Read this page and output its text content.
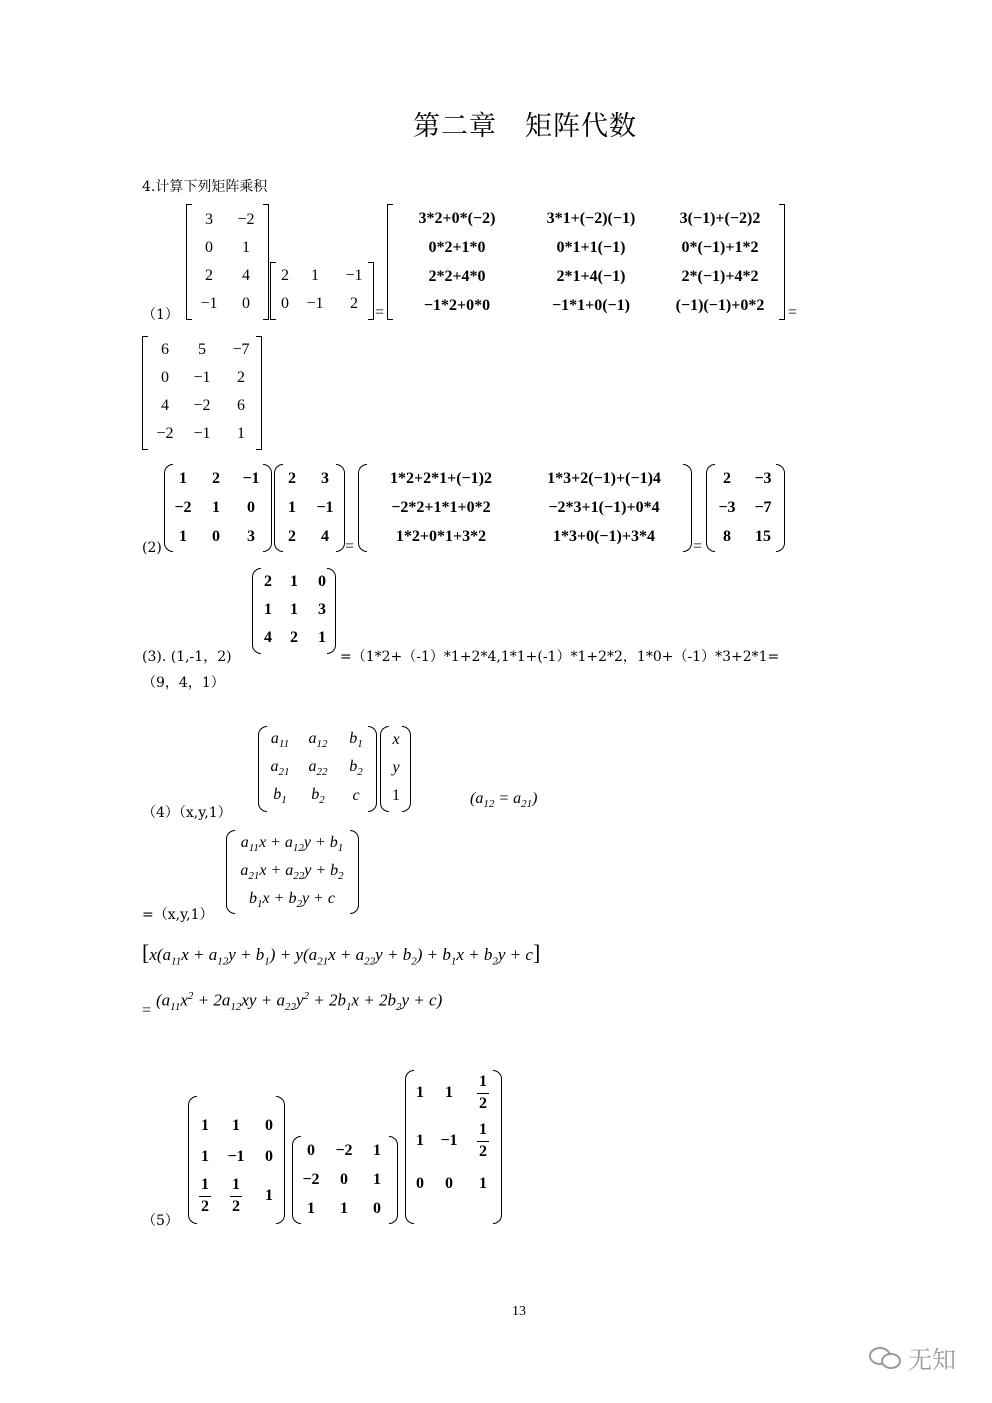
第二章　矩阵代数
4.计算下列矩阵乘积
（1）
3 −2
0 1
2 4
−1 0
2 1 −1
0 −1 2
=
3*2+0*(−2)	3*1+(−2)(−1)	3(−1)+(−2)2
0*2+1*0	0*1+1(−1)	0*(−1)+1*2
2*2+4*0	2*1+4(−1)	2*(−1)+4*2
−1*2+0*0	−1*1+0(−1)	(−1)(−1)+0*2 =
6 5 −7
0 −1 2
4 −2 6
−2 −1 1
(2)
1 2 −1
−2 1 0
1 0 3
2 3
1 −1
2 4
=
1*2+2*1+(−1)2	1*3+2(−1)+(−1)4
−2*2+1*1+0*2	−2*3+1(−1)+0*4
1*2+0*1+3*2	1*3+0(−1)+3*4
=
2 −3
−3 −7
8 15
(3). (1,-1，2)
2 1 0
1 1 3
4 2 1
=（1*2+（-1）*1+2*4,1*1+(-1）*1+2*2，1*0+（-1）*3+2*1=
（9，4，1）
（4）（x,y,1）
$a_{11}$ $a_{12}$ $b_1$
$a_{21}$ $a_{22}$ $b_2$
$b_1$ $b_2$ c
x
y
1	$(a_{12} = a_{21})$
=（x,y,1）
$a_{11}x + a_{12}y + b_1$
$a_{21}x + a_{22}y + b_2$
$b_1x + b_2y + c$
$[x(a_{11}x + a_{12}y + b_1) + y(a_{21}x + a_{22}y + b_2) + b_1x + b_2y + c]$
=
$(a_{11}x^2 + 2a_{12}xy + a_{22}y^2 + 2b_1x + 2b_2y + c)$
（5）
1 1 0
1 −1 0
$\frac{1}{2} \frac{1}{2} 1$
0 −2 1
−2 0 1
1 1 0
1 $1 \frac{1}{2}$
$1 -1 \frac{1}{2}$
0 0 1
13
无知
